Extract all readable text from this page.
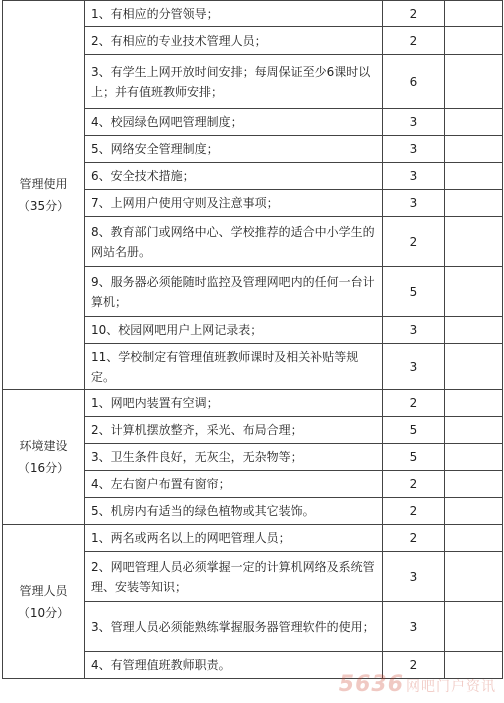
管理使用
（35分）	1、有相应的分管领导；	2	
	2、有相应的专业技术管理人员；	2	
	3、有学生上网开放时间安排；每周保证至少6课时以上；并有值班教师安排；	6	
	4、校园绿色网吧管理制度；	3	
	5、网络安全管理制度；	3	
	6、安全技术措施；	3	
	7、上网用户使用守则及注意事项；	3	
	8、教育部门或网络中心、学校推荐的适合中小学生的网站名册。	2	
	9、服务器必须能随时监控及管理网吧内的任何一台计算机；	5	
	10、校园网吧用户上网记录表；	3	
	11、学校制定有管理值班教师课时及相关补贴等规定。	3	

环境建设
（16分）	1、网吧内装置有空调；	2	
	2、计算机摆放整齐，采光、布局合理；	5	
	3、卫生条件良好，无灰尘，无杂物等；	5	
	4、左右窗户布置有窗帘；	2	
	5、机房内有适当的绿色植物或其它装饰。	2	

管理人员
（10分）	1、两名或两名以上的网吧管理人员；	2	
	2、网吧管理人员必须掌握一定的计算机网络及系统管理、安装等知识；	3	
	3、管理人员必须能熟练掌握服务器管理软件的使用；	3	
	4、有管理值班教师职责。	2	
5636 网吧门户资讯
